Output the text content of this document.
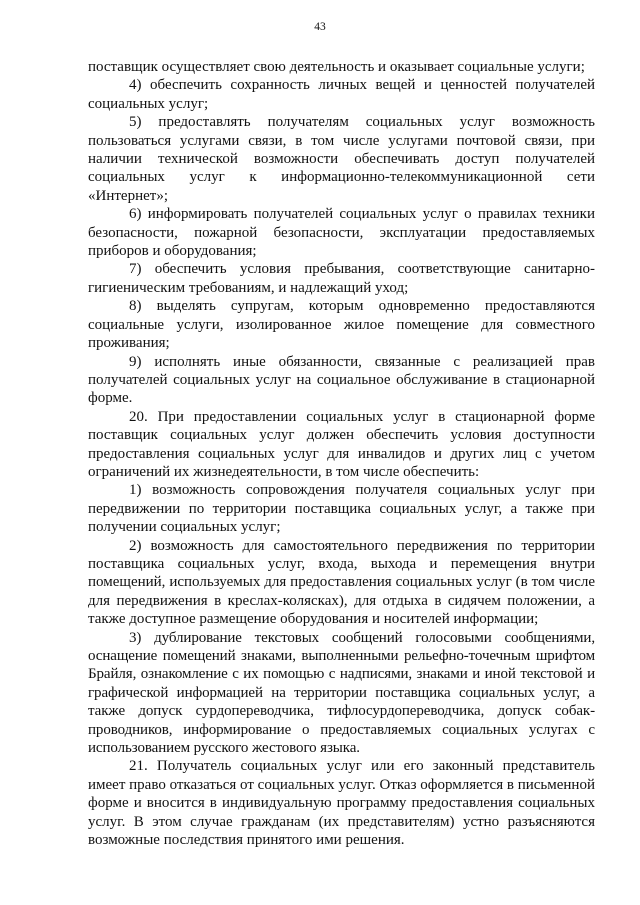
43

поставщик осуществляет свою деятельность и оказывает социальные услуги;

4) обеспечить сохранность личных вещей и ценностей получателей социальных услуг;

5) предоставлять получателям социальных услуг возможность пользоваться услугами связи, в том числе услугами почтовой связи, при наличии технической возможности обеспечивать доступ получателей социальных услуг к информационно-телекоммуникационной сети «Интернет»;

6) информировать получателей социальных услуг о правилах техники безопасности, пожарной безопасности, эксплуатации предоставляемых приборов и оборудования;

7) обеспечить условия пребывания, соответствующие санитарно-гигиеническим требованиям, и надлежащий уход;

8) выделять супругам, которым одновременно предоставляются социальные услуги, изолированное жилое помещение для совместного проживания;

9) исполнять иные обязанности, связанные с реализацией прав получателей социальных услуг на социальное обслуживание в стационарной форме.

20. При предоставлении социальных услуг в стационарной форме поставщик социальных услуг должен обеспечить условия доступности предоставления социальных услуг для инвалидов и других лиц с учетом ограничений их жизнедеятельности, в том числе обеспечить:

1) возможность сопровождения получателя социальных услуг при передвижении по территории поставщика социальных услуг, а также при получении социальных услуг;

2) возможность для самостоятельного передвижения по территории поставщика социальных услуг, входа, выхода и перемещения внутри помещений, используемых для предоставления социальных услуг (в том числе для передвижения в креслах-колясках), для отдыха в сидячем положении, а также доступное размещение оборудования и носителей информации;

3) дублирование текстовых сообщений голосовыми сообщениями, оснащение помещений знаками, выполненными рельефно-точечным шрифтом Брайля, ознакомление с их помощью с надписями, знаками и иной текстовой и графической информацией на территории поставщика социальных услуг, а также допуск сурдопереводчика, тифлосурдопереводчика, допуск собак-проводников, информирование о предоставляемых социальных услугах с использованием русского жестового языка.

21. Получатель социальных услуг или его законный представитель имеет право отказаться от социальных услуг. Отказ оформляется в письменной форме и вносится в индивидуальную программу предоставления социальных услуг. В этом случае гражданам (их представителям) устно разъясняются возможные последствия принятого ими решения.
